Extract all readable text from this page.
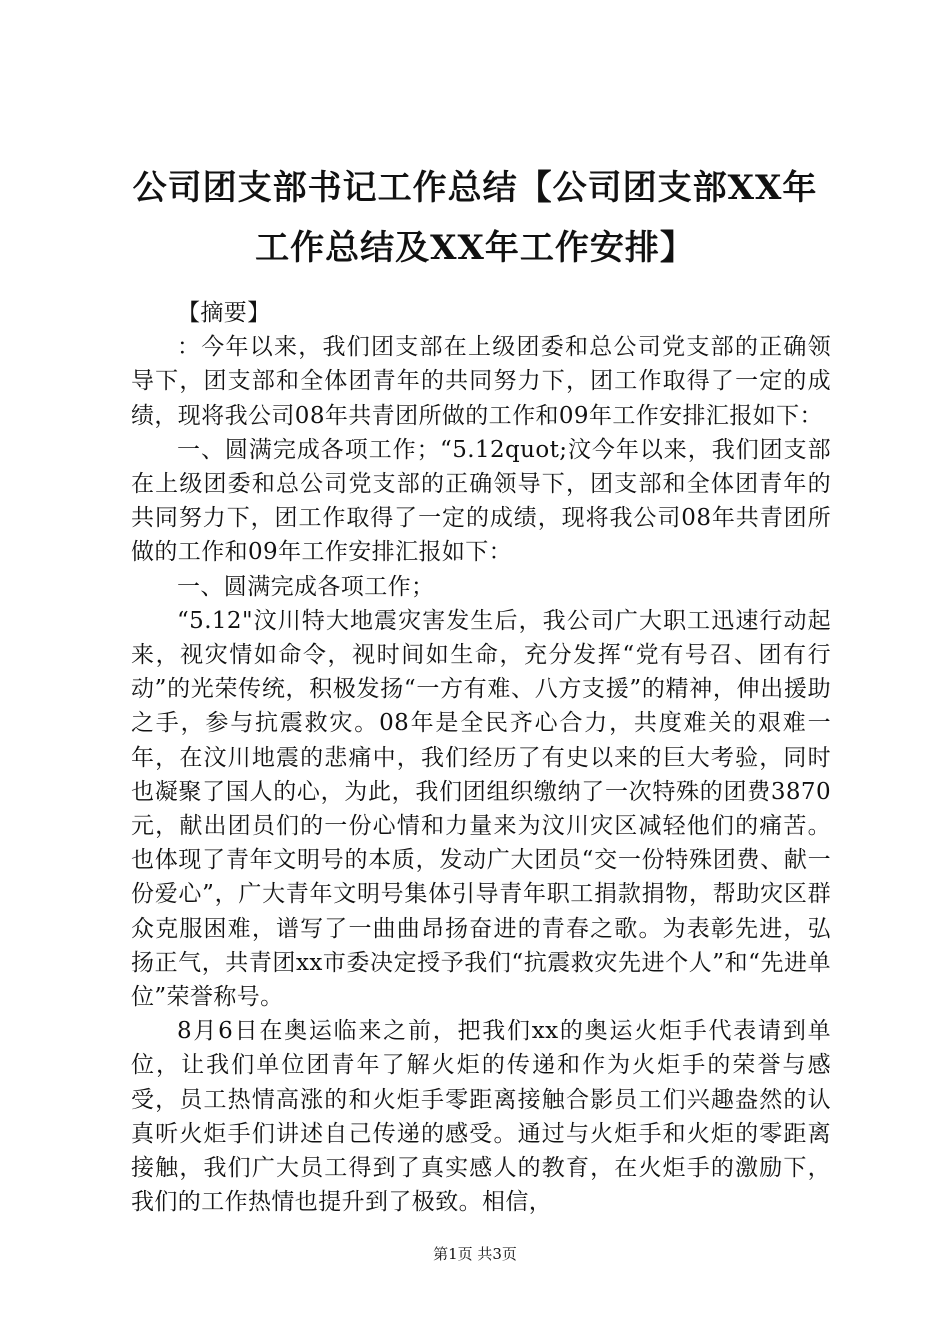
公司团支部书记工作总结【公司团支部XX年工作总结及XX年工作安排】

【摘要】

：今年以来，我们团支部在上级团委和总公司党支部的正确领导下，团支部和全体团青年的共同努力下，团工作取得了一定的成绩，现将我公司08年共青团所做的工作和09年工作安排汇报如下：

一、圆满完成各项工作；“5.12quot;汶今年以来，我们团支部在上级团委和总公司党支部的正确领导下，团支部和全体团青年的共同努力下，团工作取得了一定的成绩，现将我公司08年共青团所做的工作和09年工作安排汇报如下：

一、圆满完成各项工作；

“5.12"汶川特大地震灾害发生后，我公司广大职工迅速行动起来，视灾情如命令，视时间如生命，充分发挥“党有号召、团有行动”的光荣传统，积极发扬“一方有难、八方支援”的精神，伸出援助之手，参与抗震救灾。08年是全民齐心合力，共度难关的艰难一年，在汶川地震的悲痛中，我们经历了有史以来的巨大考验，同时也凝聚了国人的心，为此，我们团组织缴纳了一次特殊的团费3870元，献出团员们的一份心情和力量来为汶川灾区减轻他们的痛苦。也体现了青年文明号的本质，发动广大团员“交一份特殊团费、献一份爱心”，广大青年文明号集体引导青年职工捐款捐物，帮助灾区群众克服困难，谱写了一曲曲昂扬奋进的青春之歌。为表彰先进，弘扬正气，共青团xx市委决定授予我们“抗震救灾先进个人”和“先进单位”荣誉称号。

8月6日在奥运临来之前，把我们xx的奥运火炬手代表请到单位，让我们单位团青年了解火炬的传递和作为火炬手的荣誉与感受，员工热情高涨的和火炬手零距离接触合影员工们兴趣盎然的认真听火炬手们讲述自己传递的感受。通过与火炬手和火炬的零距离接触，我们广大员工得到了真实感人的教育，在火炬手的激励下，我们的工作热情也提升到了极致。相信，

第1页 共3页
